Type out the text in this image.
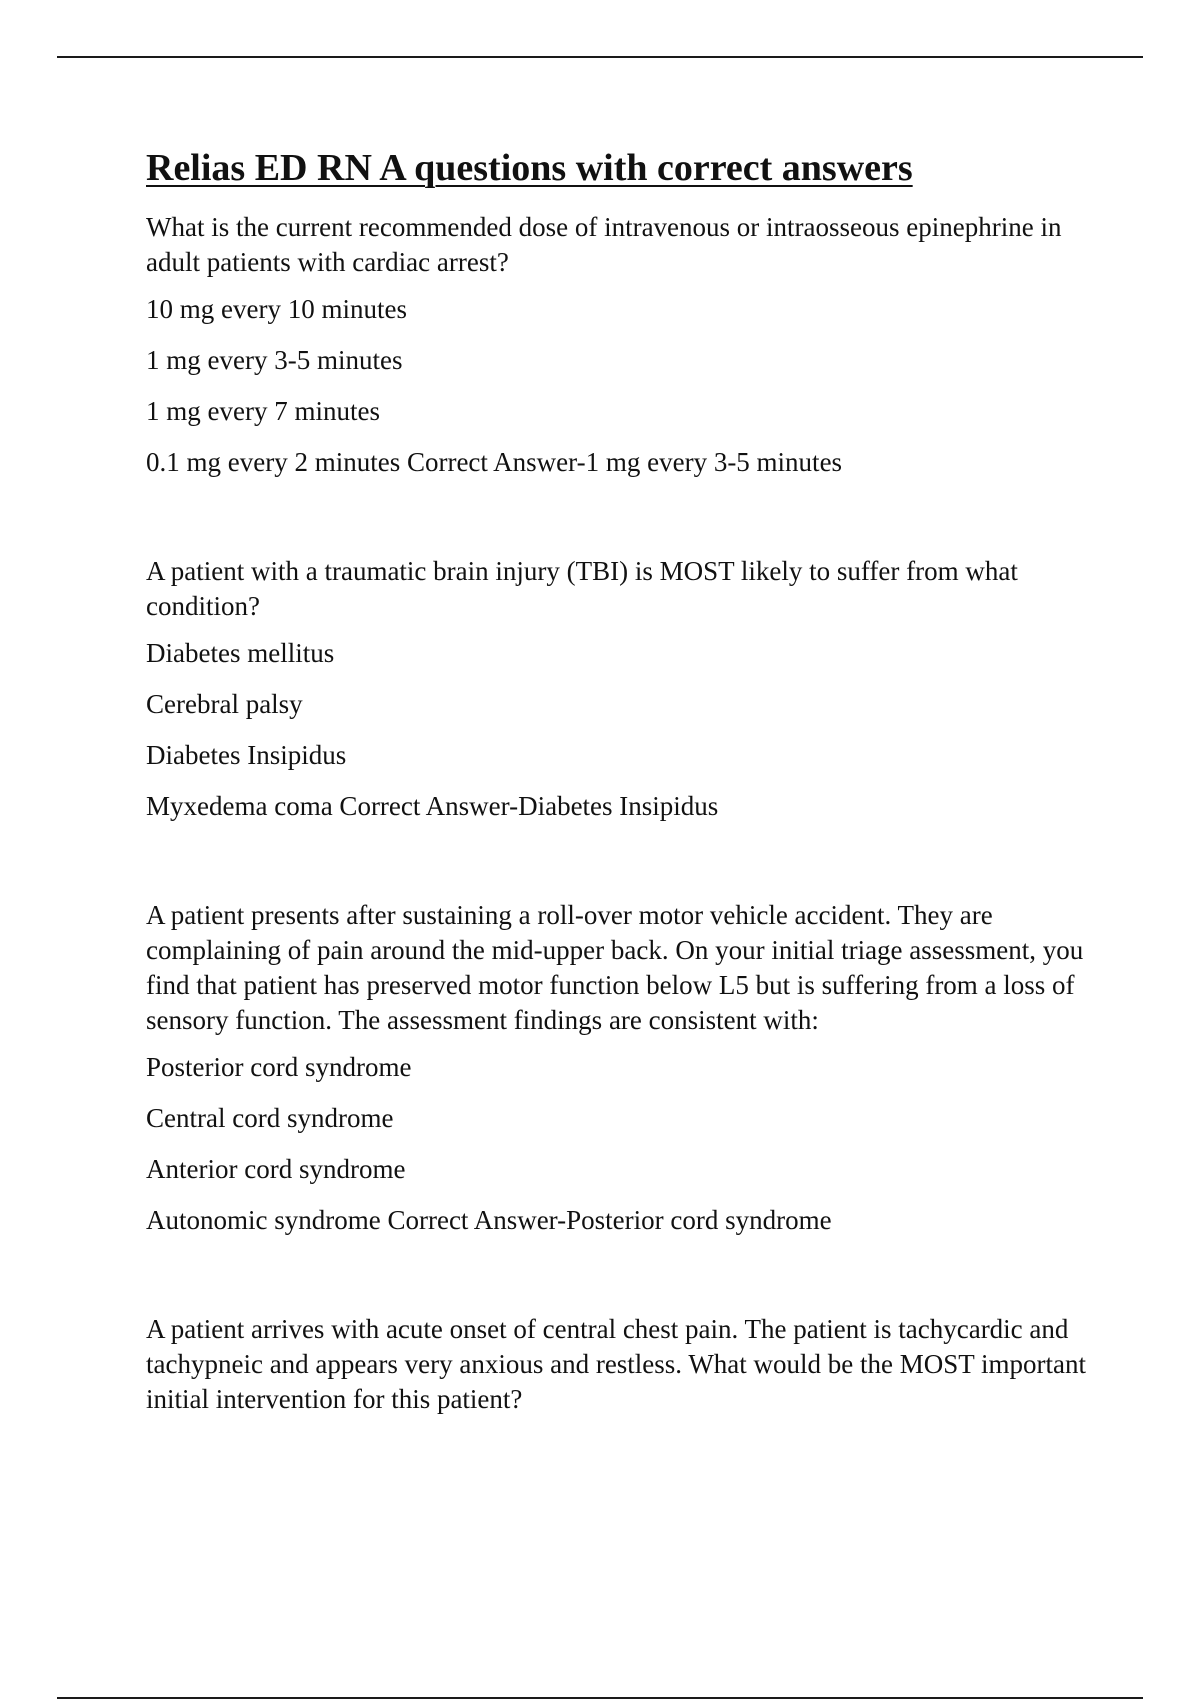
Relias ED RN A questions with correct answers

What is the current recommended dose of intravenous or intraosseous epinephrine in adult patients with cardiac arrest?

10 mg every 10 minutes

1 mg every 3-5 minutes

1 mg every 7 minutes

0.1 mg every 2 minutes Correct Answer-1 mg every 3-5 minutes

A patient with a traumatic brain injury (TBI) is MOST likely to suffer from what condition?

Diabetes mellitus

Cerebral palsy

Diabetes Insipidus

Myxedema coma Correct Answer-Diabetes Insipidus

A patient presents after sustaining a roll-over motor vehicle accident. They are complaining of pain around the mid-upper back. On your initial triage assessment, you find that patient has preserved motor function below L5 but is suffering from a loss of sensory function. The assessment findings are consistent with:

Posterior cord syndrome

Central cord syndrome

Anterior cord syndrome

Autonomic syndrome Correct Answer-Posterior cord syndrome

A patient arrives with acute onset of central chest pain. The patient is tachycardic and tachypneic and appears very anxious and restless. What would be the MOST important initial intervention for this patient?
